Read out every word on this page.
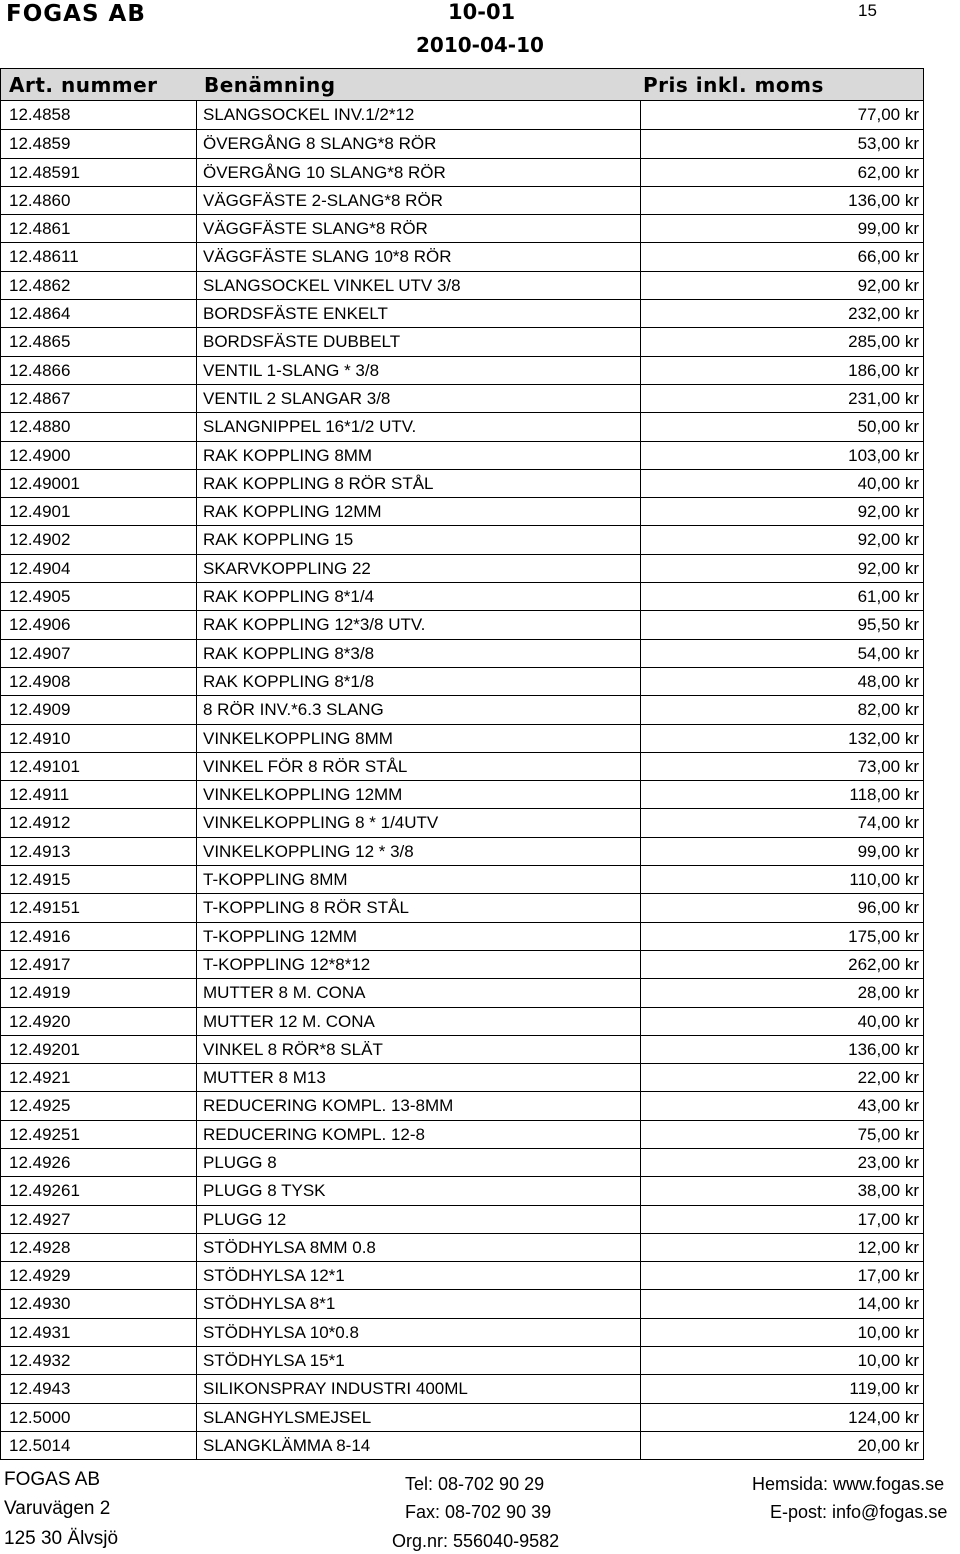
FOGAS AB	10-01
2010-04-10
15
Art. nummer Benämning	Pris inkl. moms
12.4858	SLANGSOCKEL INV.1/2*12	77,00 kr
12.4859	ÖVERGÅNG 8 SLANG*8 RÖR	53,00 kr
12.48591	ÖVERGÅNG 10 SLANG*8 RÖR	62,00 kr
12.4860	VÄGGFÄSTE 2-SLANG*8 RÖR	136,00 kr
12.4861	VÄGGFÄSTE SLANG*8 RÖR	99,00 kr
12.48611	VÄGGFÄSTE SLANG 10*8 RÖR	66,00 kr
12.4862	SLANGSOCKEL VINKEL UTV 3/8	92,00 kr
12.4864	BORDSFÄSTE ENKELT	232,00 kr
12.4865	BORDSFÄSTE DUBBELT	285,00 kr
12.4866	VENTIL 1-SLANG * 3/8	186,00 kr
12.4867	VENTIL 2 SLANGAR 3/8	231,00 kr
12.4880	SLANGNIPPEL 16*1/2 UTV.	50,00 kr
12.4900	RAK KOPPLING 8MM	103,00 kr
12.49001	RAK KOPPLING 8 RÖR STÅL	40,00 kr
12.4901	RAK KOPPLING 12MM	92,00 kr
12.4902	RAK KOPPLING 15	92,00 kr
12.4904	SKARVKOPPLING 22	92,00 kr
12.4905	RAK KOPPLING 8*1/4	61,00 kr
12.4906	RAK KOPPLING 12*3/8 UTV.	95,50 kr
12.4907	RAK KOPPLING 8*3/8	54,00 kr
12.4908	RAK KOPPLING 8*1/8	48,00 kr
12.4909	8 RÖR INV.*6.3 SLANG	82,00 kr
12.4910	VINKELKOPPLING 8MM	132,00 kr
12.49101	VINKEL FÖR 8 RÖR STÅL	73,00 kr
12.4911	VINKELKOPPLING 12MM	118,00 kr
12.4912	VINKELKOPPLING 8 * 1/4UTV	74,00 kr
12.4913	VINKELKOPPLING 12 * 3/8	99,00 kr
12.4915	T-KOPPLING 8MM	110,00 kr
12.49151	T-KOPPLING 8 RÖR STÅL	96,00 kr
12.4916	T-KOPPLING 12MM	175,00 kr
12.4917	T-KOPPLING 12*8*12	262,00 kr
12.4919	MUTTER 8 M. CONA	28,00 kr
12.4920	MUTTER 12 M. CONA	40,00 kr
12.49201	VINKEL 8 RÖR*8 SLÄT	136,00 kr
12.4921	MUTTER 8 M13	22,00 kr
12.4925	REDUCERING KOMPL. 13-8MM	43,00 kr
12.49251	REDUCERING KOMPL. 12-8	75,00 kr
12.4926	PLUGG 8	23,00 kr
12.49261	PLUGG 8 TYSK	38,00 kr
12.4927	PLUGG 12	17,00 kr
12.4928	STÖDHYLSA 8MM 0.8	12,00 kr
12.4929	STÖDHYLSA 12*1	17,00 kr
12.4930	STÖDHYLSA 8*1	14,00 kr
12.4931	STÖDHYLSA 10*0.8	10,00 kr
12.4932	STÖDHYLSA 15*1	10,00 kr
12.4943	SILIKONSPRAY INDUSTRI 400ML	119,00 kr
12.5000	SLANGHYLSMEJSEL	124,00 kr
12.5014	SLANGKLÄMMA 8-14	20,00 kr
FOGAS AB
Varuvägen 2
125 30 Älvsjö
Tel: 08-702 90 29
Fax: 08-702 90 39
Org.nr: 556040-9582
Hemsida: www.fogas.se
E-post: info@fogas.se
